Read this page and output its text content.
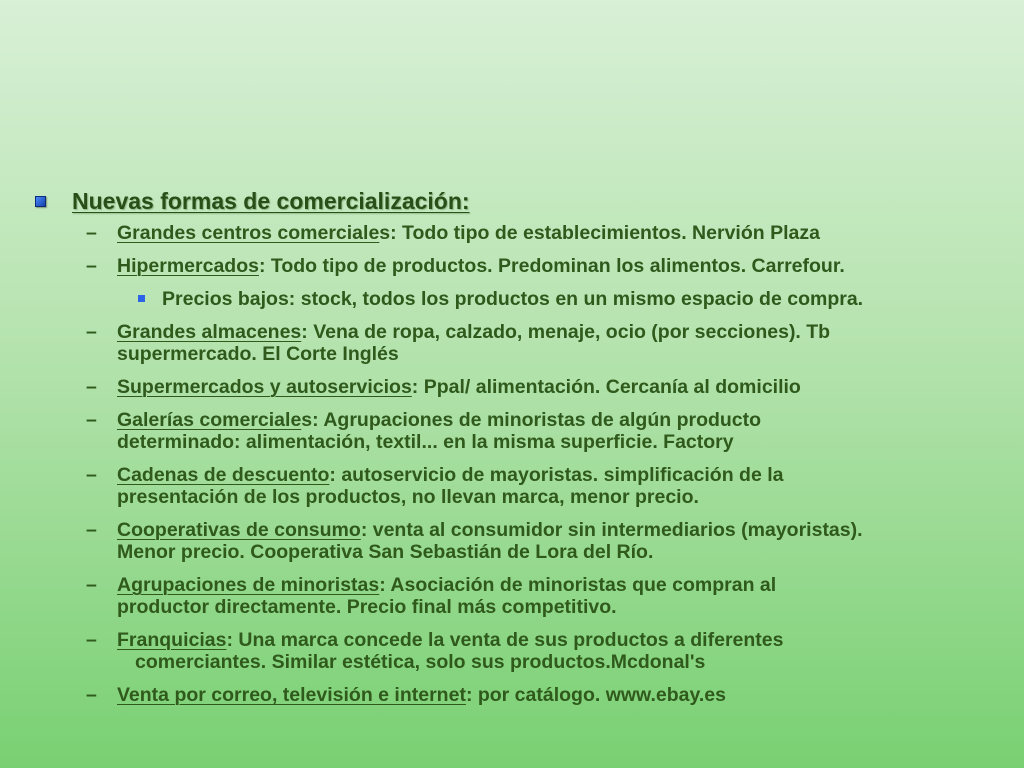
Nuevas formas de comercialización:
– Grandes centros comerciales: Todo tipo de establecimientos. Nervión Plaza
– Hipermercados: Todo tipo de productos. Predominan los alimentos. Carrefour.
Precios bajos: stock, todos los productos en un mismo espacio de compra.
– Grandes almacenes: Vena de ropa, calzado, menaje, ocio (por secciones). Tb
supermercado. El Corte Inglés
– Supermercados y autoservicios: Ppal/ alimentación. Cercanía al domicilio
– Galerías comerciales: Agrupaciones de minoristas de algún producto
determinado: alimentación, textil... en la misma superficie. Factory
– Cadenas de descuento: autoservicio de mayoristas. simplificación de la
presentación de los productos, no llevan marca, menor precio.
– Cooperativas de consumo: venta al consumidor sin intermediarios (mayoristas).
Menor precio. Cooperativa San Sebastián de Lora del Río.
– Agrupaciones de minoristas: Asociación de minoristas que compran al
productor directamente. Precio final más competitivo.
– Franquicias: Una marca concede la venta de sus productos a diferentes
comerciantes. Similar estética, solo sus productos.Mcdonal's
– Venta por correo, televisión e internet: por catálogo. www.ebay.es
